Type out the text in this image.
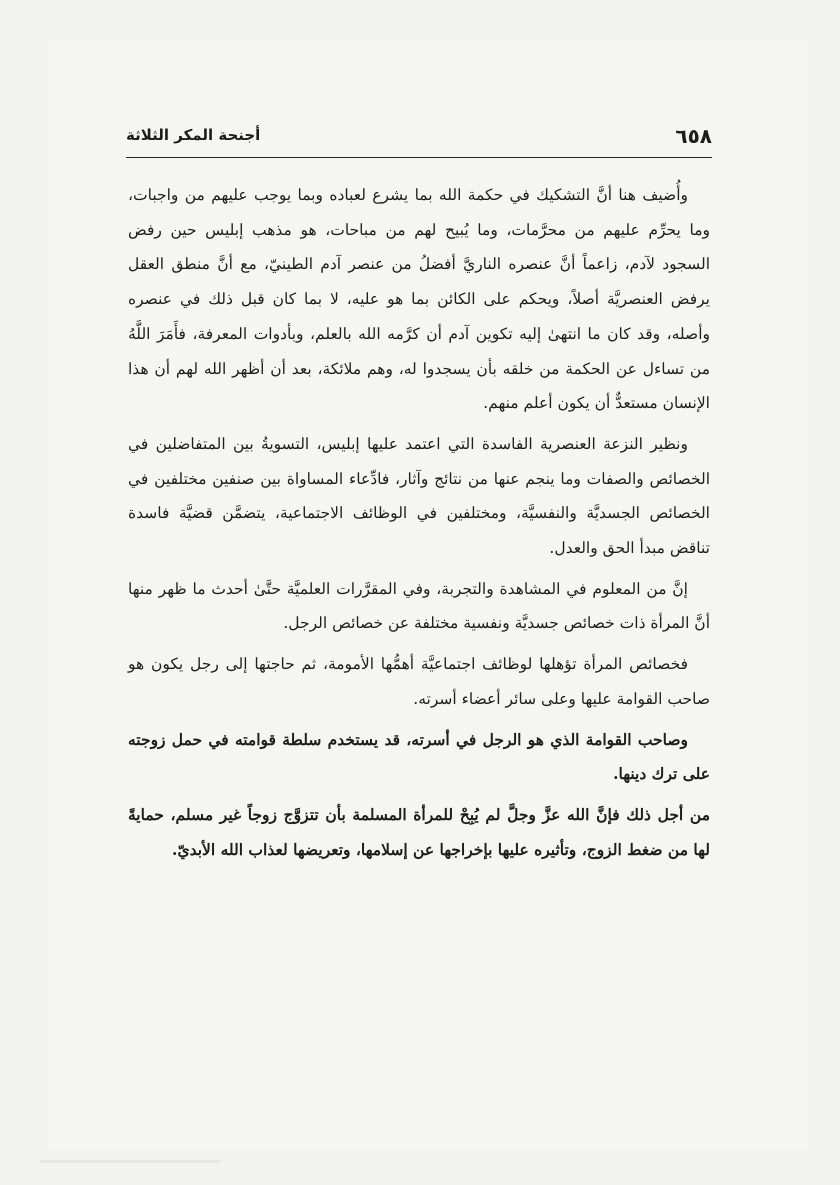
٦٥٨
أجنحة المكر الثلاثة

وأُضيف هنا أنَّ التشكيك في حكمة الله بما يشرع لعباده وبما يوجب عليهم من واجبات، وما يحرِّم عليهم من محرَّمات، وما يُبيح لهم من مباحات، هو مذهب إبليس حين رفض السجود لآدم، زاعماً أنَّ عنصره الناريَّ أفضلُ من عنصر آدم الطينيّ، مع أنَّ منطق العقل يرفض العنصريَّة أصلاً، ويحكم على الكائن بما هو عليه، لا بما كان قبل ذلك في عنصره وأصله، وقد كان ما انتهىٰ إليه تكوين آدم أن كرَّمه الله بالعلم، وبأدوات المعرفة، فأَمَرَ اللَّهُ من تساءل عن الحكمة من خلقه بأن يسجدوا له، وهم ملائكة، بعد أن أظهر الله لهم أن هذا الإنسان مستعدٌّ أن يكون أعلم منهم.

ونظير النزعة العنصرية الفاسدة التي اعتمد عليها إبليس، التسويةُ بين المتفاضلين في الخصائص والصفات وما ينجم عنها من نتائج وآثار، فادِّعاء المساواة بين صنفين مختلفين في الخصائص الجسديَّة والنفسيَّة، ومختلفين في الوظائف الاجتماعية، يتضمَّن قضيَّة فاسدة تناقض مبدأ الحق والعدل.

إنَّ من المعلوم في المشاهدة والتجربة، وفي المقرَّرات العلميَّة حتَّىٰ أحدث ما ظهر منها أنَّ المرأة ذات خصائص جسديَّة ونفسية مختلفة عن خصائص الرجل.

فخصائص المرأة تؤهلها لوظائف اجتماعيَّة أهمُّها الأمومة، ثم حاجتها إلى رجل يكون هو صاحب القوامة عليها وعلى سائر أعضاء أسرته.

وصاحب القوامة الذي هو الرجل في أسرته، قد يستخدم سلطة قوامته في حمل زوجته على ترك دينها.

من أجل ذلك فإنَّ الله عزَّ وجلَّ لم يُبِحْ للمرأة المسلمة بأن تتزوَّج زوجاً غير مسلم، حمايةً لها من ضغط الزوج، وتأثيره عليها بإخراجها عن إسلامها، وتعريضها لعذاب الله الأبديّ.
